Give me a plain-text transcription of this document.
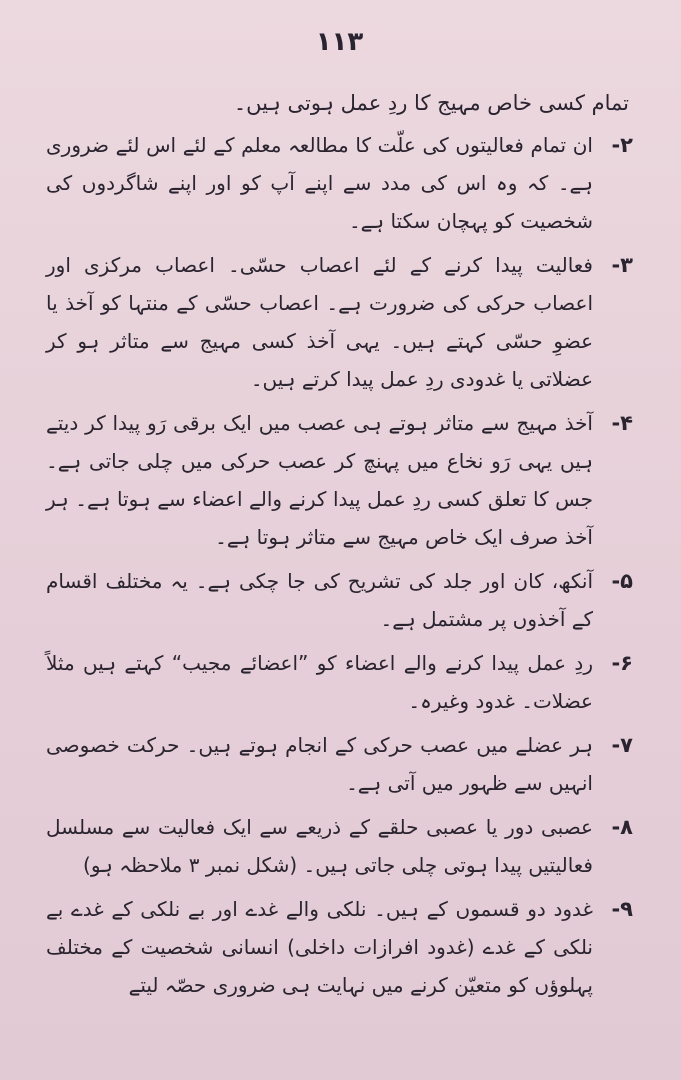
۱۱۳

تمام کسی خاص مہیج کا ردِ عمل ہوتی ہیں۔

۲-
ان تمام فعالیتوں کی علّت کا مطالعہ معلم کے لئے اس لئے ضروری ہے۔ کہ وہ اس کی مدد سے اپنے آپ کو اور اپنے شاگردوں کی شخصیت کو پہچان سکتا ہے۔
۳-
فعالیت پیدا کرنے کے لئے اعصاب حسّی۔ اعصاب مرکزی اور اعصاب حرکی کی ضرورت ہے۔ اعصاب حسّی کے منتہا کو آخذ یا عضوِ حسّی کہتے ہیں۔ یہی آخذ کسی مہیج سے متاثر ہو کر عضلاتی یا غدودی ردِ عمل پیدا کرتے ہیں۔
۴-
آخذ مہیج سے متاثر ہوتے ہی عصب میں ایک برقی رَو پیدا کر دیتے ہیں یہی رَو نخاع میں پہنچ کر عصب حرکی میں چلی جاتی ہے۔ جس کا تعلق کسی ردِ عمل پیدا کرنے والے اعضاء سے ہوتا ہے۔ ہر آخذ صرف ایک خاص مہیج سے متاثر ہوتا ہے۔
۵-
آنکھ، کان اور جلد کی تشریح کی جا چکی ہے۔ یہ مختلف اقسام کے آخذوں پر مشتمل ہے۔
۶-
ردِ عمل پیدا کرنے والے اعضاء کو ”اعضائے مجیب“ کہتے ہیں مثلاً عضلات۔ غدود وغیرہ۔
۷-
ہر عضلے میں عصب حرکی کے انجام ہوتے ہیں۔ حرکت خصوصی انہیں سے ظہور میں آتی ہے۔
۸-
عصبی دور یا عصبی حلقے کے ذریعے سے ایک فعالیت سے مسلسل فعالیتیں پیدا ہوتی چلی جاتی ہیں۔ (شکل نمبر ۳ ملاحظہ ہو)
۹-
غدود دو قسموں کے ہیں۔ نلکی والے غدے اور بے نلکی کے غدے بے نلکی کے غدے (غدود افرازات داخلی) انسانی شخصیت کے مختلف پہلوؤں کو متعیّن کرنے میں نہایت ہی ضروری حصّہ لیتے
